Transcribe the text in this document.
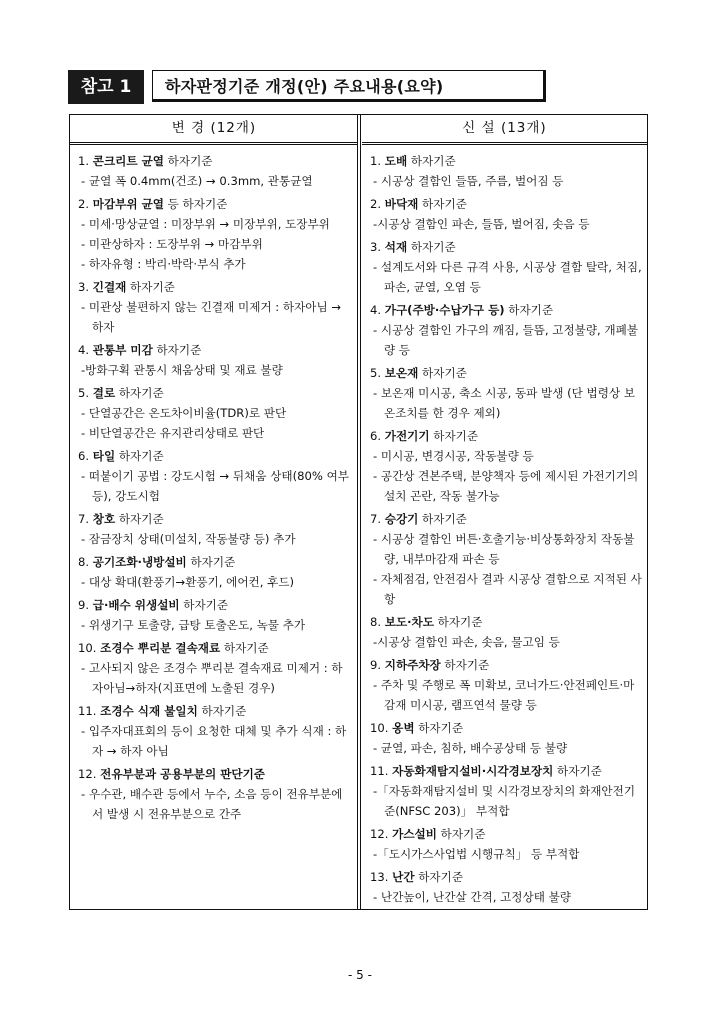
참고 1	하자판정기준 개정(안) 주요내용(요약)
변 경 (12개)
1. 콘크리트 균열 하자기준
- 균열 폭 0.4mm(건조) → 0.3mm, 관통균열
2. 마감부위 균열 등 하자기준
- 미세·망상균열 : 미장부위 → 미장부위, 도장부위
- 미관상하자 : 도장부위 → 마감부위
- 하자유형 : 박리·박락·부식 추가
3. 긴결재 하자기준
- 미관상 불편하지 않는 긴결재 미제거 : 하자아님 → 하자
4. 관통부 미감 하자기준
-방화구획 관통시 채움상태 및 재료 불량
5. 결로 하자기준
- 단열공간은 온도차이비율(TDR)로 판단
- 비단열공간은 유지관리상태로 판단
6. 타일 하자기준
- 떠붙이기 공법 : 강도시험 → 뒤채움 상태(80% 여부 등), 강도시험
7. 창호 하자기준
- 잠금장치 상태(미설치, 작동불량 등) 추가
8. 공기조화·냉방설비 하자기준
- 대상 확대(환풍기→환풍기, 에어컨, 후드)
9. 급·배수 위생설비 하자기준
- 위생기구 토출량, 급탕 토출온도, 녹물 추가
10. 조경수 뿌리분 결속재료 하자기준
- 고사되지 않은 조경수 뿌리분 결속재료 미제거 : 하자아님→하자(지표면에 노출된 경우)
11. 조경수 식재 불일치 하자기준
- 입주자대표회의 등이 요청한 대체 및 추가 식재 : 하자 → 하자 아님
12. 전유부분과 공용부분의 판단기준
- 우수관, 배수관 등에서 누수, 소음 등이 전유부분에서 발생 시 전유부분으로 간주
신 설 (13개)
1. 도배 하자기준
- 시공상 결함인 들뜸, 주름, 벌어짐 등
2. 바닥재 하자기준
-시공상 결함인 파손, 들뜸, 벌어짐, 솟음 등
3. 석재 하자기준
- 설계도서와 다른 규격 사용, 시공상 결함 탈락, 처짐, 파손, 균열, 오염 등
4. 가구(주방·수납가구 등) 하자기준
- 시공상 결함인 가구의 깨짐, 들뜸, 고정불량, 개폐불량 등
5. 보온재 하자기준
- 보온재 미시공, 축소 시공, 동파 발생 (단 법령상 보온조치를 한 경우 제외)
6. 가전기기 하자기준
- 미시공, 변경시공, 작동불량 등
- 공간상 견본주택, 분양책자 등에 제시된 가전기기의 설치 곤란, 작동 불가능
7. 승강기 하자기준
- 시공상 결함인 버튼·호출기능·비상통화장치 작동불량, 내부마감재 파손 등
- 자체점검, 안전검사 결과 시공상 결함으로 지적된 사항
8. 보도·차도 하자기준
-시공상 결함인 파손, 솟음, 물고임 등
9. 지하주차장 하자기준
- 주차 및 주행로 폭 미확보, 코너가드·안전페인트·마감재 미시공, 램프연석 물량 등
10. 옹벽 하자기준
- 균열, 파손, 침하, 배수공상태 등 불량
11. 자동화재탐지설비·시각경보장치 하자기준
-「자동화재탐지설비 및 시각경보장치의 화재안전기준(NFSC 203)」 부적합
12. 가스설비 하자기준
-「도시가스사업법 시행규칙」 등 부적합
13. 난간 하자기준
- 난간높이, 난간살 간격, 고정상태 불량
- 5 -
